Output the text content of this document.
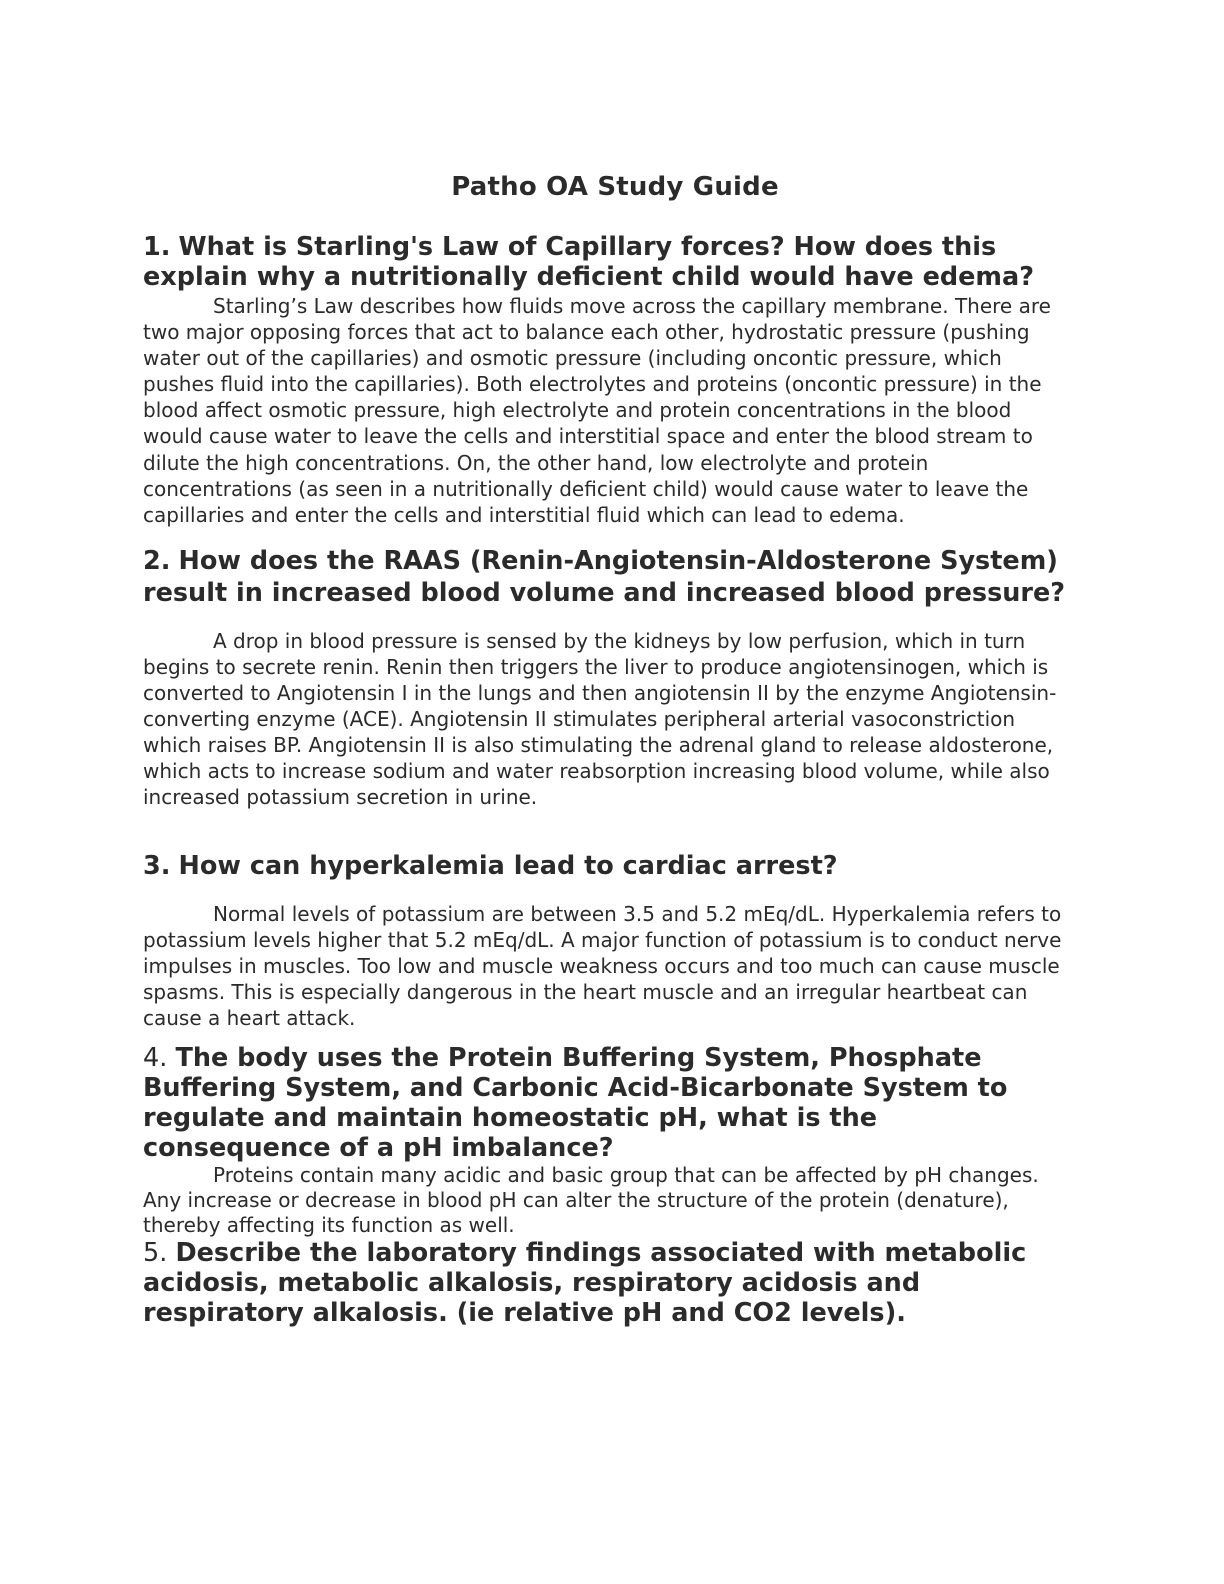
Patho OA Study Guide
1. What is Starling's Law of Capillary forces? How does this explain why a nutritionally deficient child would have edema?

Starling’s Law describes how fluids move across the capillary membrane. There are two major opposing forces that act to balance each other, hydrostatic pressure (pushing water out of the capillaries) and osmotic pressure (including oncontic pressure, which pushes fluid into the capillaries). Both electrolytes and proteins (oncontic pressure) in the blood affect osmotic pressure, high electrolyte and protein concentrations in the blood would cause water to leave the cells and interstitial space and enter the blood stream to dilute the high concentrations. On, the other hand, low electrolyte and protein concentrations (as seen in a nutritionally deficient child) would cause water to leave the capillaries and enter the cells and interstitial fluid which can lead to edema.

2. How does the RAAS (Renin-Angiotensin-Aldosterone System) result in increased blood volume and increased blood pressure?

A drop in blood pressure is sensed by the kidneys by low perfusion, which in turn begins to secrete renin. Renin then triggers the liver to produce angiotensinogen, which is converted to Angiotensin I in the lungs and then angiotensin II by the enzyme Angiotensin-converting enzyme (ACE). Angiotensin II stimulates peripheral arterial vasoconstriction which raises BP. Angiotensin II is also stimulating the adrenal gland to release aldosterone, which acts to increase sodium and water reabsorption increasing blood volume, while also increased potassium secretion in urine.

3. How can hyperkalemia lead to cardiac arrest?

Normal levels of potassium are between 3.5 and 5.2 mEq/dL. Hyperkalemia refers to potassium levels higher that 5.2 mEq/dL. A major function of potassium is to conduct nerve impulses in muscles. Too low and muscle weakness occurs and too much can cause muscle spasms. This is especially dangerous in the heart muscle and an irregular heartbeat can cause a heart attack.

4. The body uses the Protein Buffering System, Phosphate Buffering System, and Carbonic Acid-Bicarbonate System to regulate and maintain homeostatic pH, what is the consequence of a pH imbalance?

Proteins contain many acidic and basic group that can be affected by pH changes. Any increase or decrease in blood pH can alter the structure of the protein (denature), thereby affecting its function as well.

5. Describe the laboratory findings associated with metabolic acidosis, metabolic alkalosis, respiratory acidosis and respiratory alkalosis. (ie relative pH and CO2 levels).
